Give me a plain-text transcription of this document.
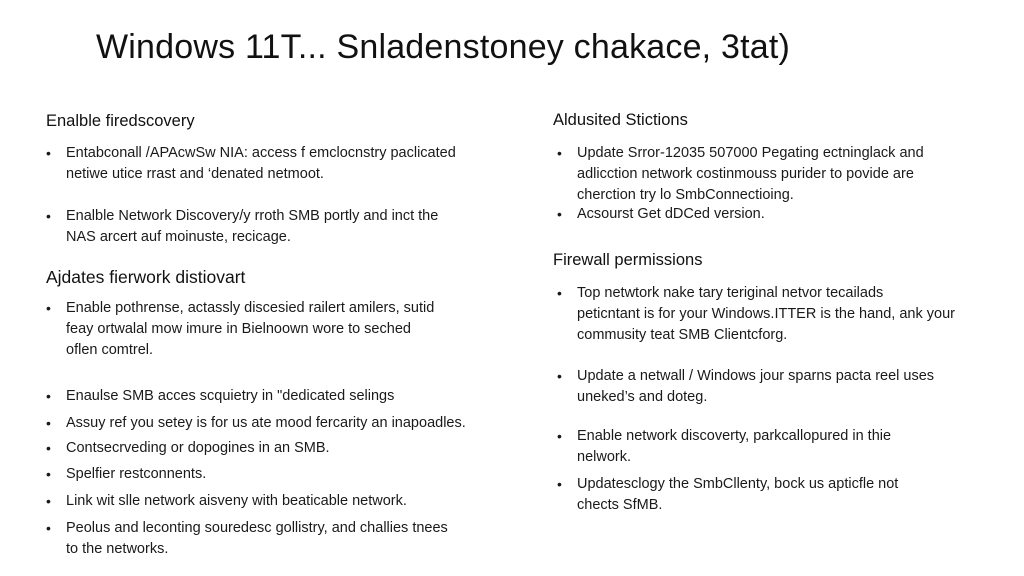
Windows 11T... Snladenstoney chakace, 3tat)
Enalble firedscovery
• Entabconall /APAcwSw NIA: access f emclocnstry paclicated
netiwe utice rrast and ‘denated netmoot.
• Enalble Network Discovery/y rroth SMB portly and inct the
NAS arcert auf moinuste, recicage.
Ajdates fierwork distiovart
• Enable pothrense, actassly discesied railert amilers, sutid
feay ortwalal mow imure in Bielnoown wore to seched
oflen comtrel.
• Enaulse SMB acces scquietry in "dedicated selings
• Assuy ref you setey is for us ate mood fercarity an inapoadles.
• Contsecrveding or dopogines in an SMB.
• Spelfier restconnents.
• Link wit slle network aisveny with beaticable network.
• Peolus and leconting souredesc gollistry, and challies tnees
to the networks.
Aldusited Stictions
• Update Srror-12035 507000 Pegating ectninglack and
adlicction network costinmouss purider to povide are
cherction try lo SmbConnectioing.
• Acsourst Get dDCed version.
Firewall permissions
• Top netwtork nake tary teriginal netvor tecailads
peticntant is for your Windows.ITTER is the hand, ank your
commusity teat SMB Clientcforg.
• Update a netwall / Windows jour sparns pacta reel uses
uneked’s and doteg.
• Enable network discoverty, parkcallopured in thie
nelwork.
• Updatesclogy the SmbCllenty, bock us apticfle not
chects SfMB.
